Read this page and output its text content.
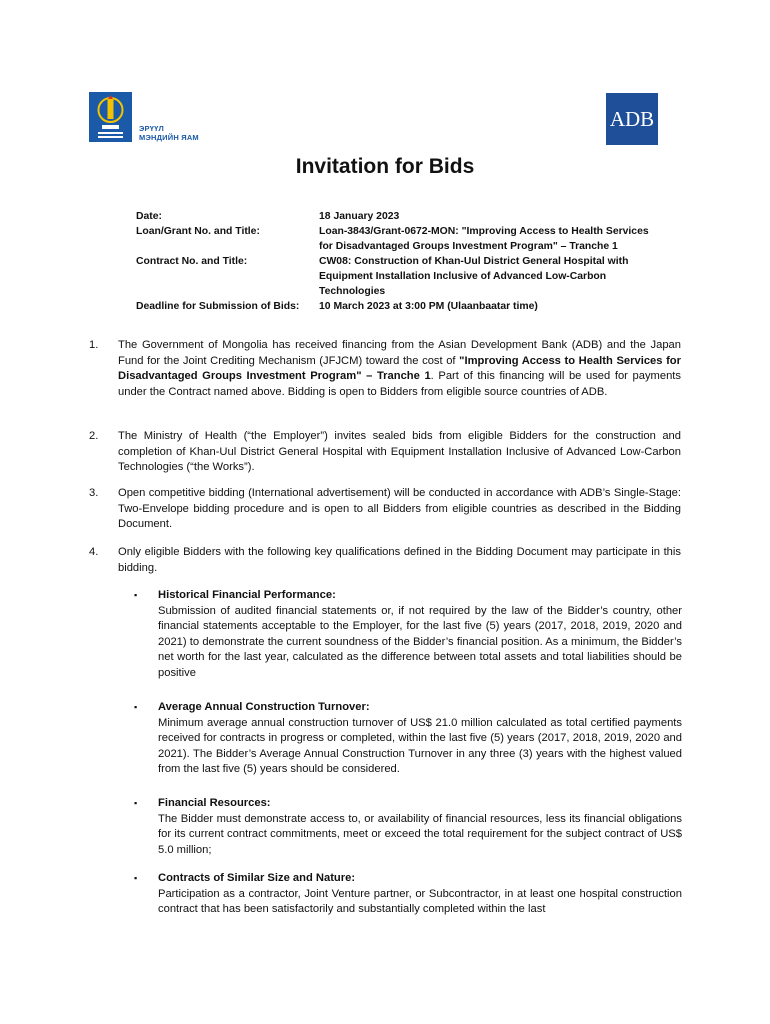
ЭРҮҮЛ
МЭНДИЙН ЯАМ
ADB
Invitation for Bids
Date:	18 January 2023
Loan/Grant No. and Title:	Loan-3843/Grant-0672-MON: "Improving Access to Health Services
for Disadvantaged Groups Investment Program" – Tranche 1
Contract No. and Title:	CW08: Construction of Khan-Uul District General Hospital with
Equipment Installation Inclusive of Advanced Low-Carbon
Technologies
Deadline for Submission of Bids:	10 March 2023 at 3:00 PM (Ulaanbaatar time)
1. The Government of Mongolia has received financing from the Asian Development Bank (ADB) and the Japan Fund for the Joint Crediting Mechanism (JFJCM) toward the cost of "Improving Access to Health Services for Disadvantaged Groups Investment Program" – Tranche 1. Part of this financing will be used for payments under the Contract named above. Bidding is open to Bidders from eligible source countries of ADB.
2. The Ministry of Health (“the Employer”) invites sealed bids from eligible Bidders for the construction and completion of Khan-Uul District General Hospital with Equipment Installation Inclusive of Advanced Low-Carbon Technologies (“the Works”).
3. Open competitive bidding (International advertisement) will be conducted in accordance with ADB’s Single-Stage: Two-Envelope bidding procedure and is open to all Bidders from eligible countries as described in the Bidding Document.
4. Only eligible Bidders with the following key qualifications defined in the Bidding Document may participate in this bidding.
▪ Historical Financial Performance:
Submission of audited financial statements or, if not required by the law of the Bidder’s country, other financial statements acceptable to the Employer, for the last five (5) years (2017, 2018, 2019, 2020 and 2021) to demonstrate the current soundness of the Bidder’s financial position. As a minimum, the Bidder’s net worth for the last year, calculated as the difference between total assets and total liabilities should be positive
▪ Average Annual Construction Turnover:
Minimum average annual construction turnover of US$ 21.0 million calculated as total certified payments received for contracts in progress or completed, within the last five (5) years (2017, 2018, 2019, 2020 and 2021). The Bidder’s Average Annual Construction Turnover in any three (3) years with the highest valued from the last five (5) years should be considered.
▪ Financial Resources:
The Bidder must demonstrate access to, or availability of financial resources, less its financial obligations for its current contract commitments, meet or exceed the total requirement for the subject contract of US$ 5.0 million;
▪ Contracts of Similar Size and Nature:
Participation as a contractor, Joint Venture partner, or Subcontractor, in at least one hospital construction contract that has been satisfactorily and substantially completed within the last
